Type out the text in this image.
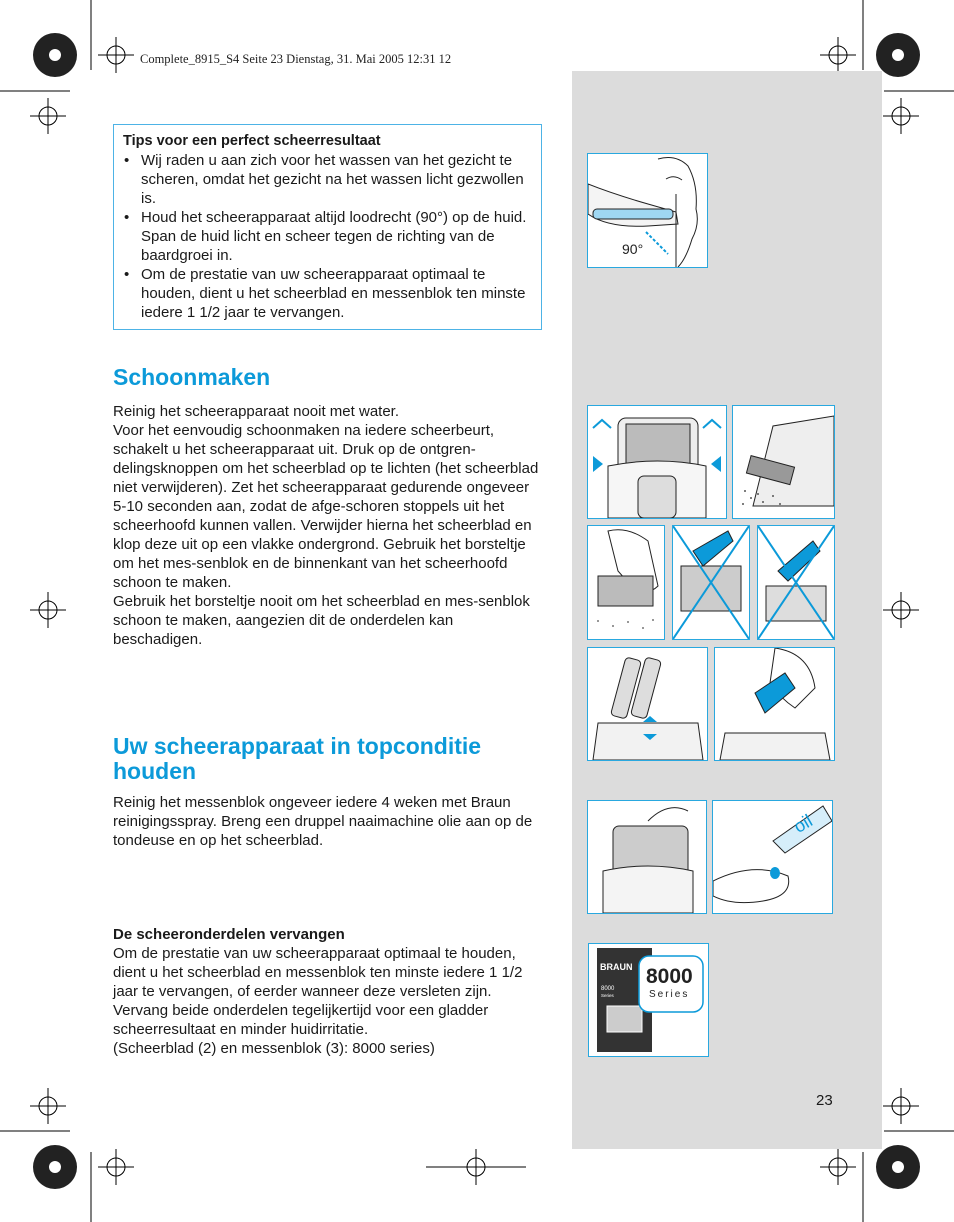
Complete_8915_S4 Seite 23 Dienstag, 31. Mai 2005 12:31 12
Tips voor een perfect scheerresultaat
• Wij raden u aan zich voor het wassen van het gezicht te scheren, omdat het gezicht na het wassen licht gezwollen is.
• Houd het scheerapparaat altijd loodrecht (90°) op de huid. Span de huid licht en scheer tegen de richting van de baardgroei in.
• Om de prestatie van uw scheerapparaat optimaal te houden, dient u het scheerblad en messenblok ten minste iedere 1 1/2 jaar te vervangen.
Schoonmaken

Reinig het scheerapparaat nooit met water.

Voor het eenvoudig schoonmaken na iedere scheerbeurt, schakelt u het scheerapparaat uit. Druk op de ontgren-delingsknoppen om het scheerblad op te lichten (het scheerblad niet verwijderen). Zet het scheerapparaat gedurende ongeveer 5-10 seconden aan, zodat de afge-schoren stoppels uit het scheerhoofd kunnen vallen. Verwijder hierna het scheerblad en klop deze uit op een vlakke ondergrond. Gebruik het borsteltje om het mes-senblok en de binnenkant van het scheerhoofd schoon te maken.

Gebruik het borsteltje nooit om het scheerblad en mes-senblok schoon te maken, aangezien dit de onderdelen kan beschadigen.

Uw scheerapparaat in topconditie houden

Reinig het messenblok ongeveer iedere 4 weken met Braun reinigingsspray. Breng een druppel naaimachine olie aan op de tondeuse en op het scheerblad.

De scheeronderdelen vervangen

Om de prestatie van uw scheerapparaat optimaal te houden, dient u het scheerblad en messenblok ten minste iedere 1 1/2 jaar te vervangen, of eerder wanneer deze versleten zijn.

Vervang beide onderdelen tegelijkertijd voor een gladder scheerresultaat en minder huidirritatie.

(Scheerblad (2) en messenblok (3): 8000 series)

90°
oil
BRAUN
8000
Series
8000
Series
23
